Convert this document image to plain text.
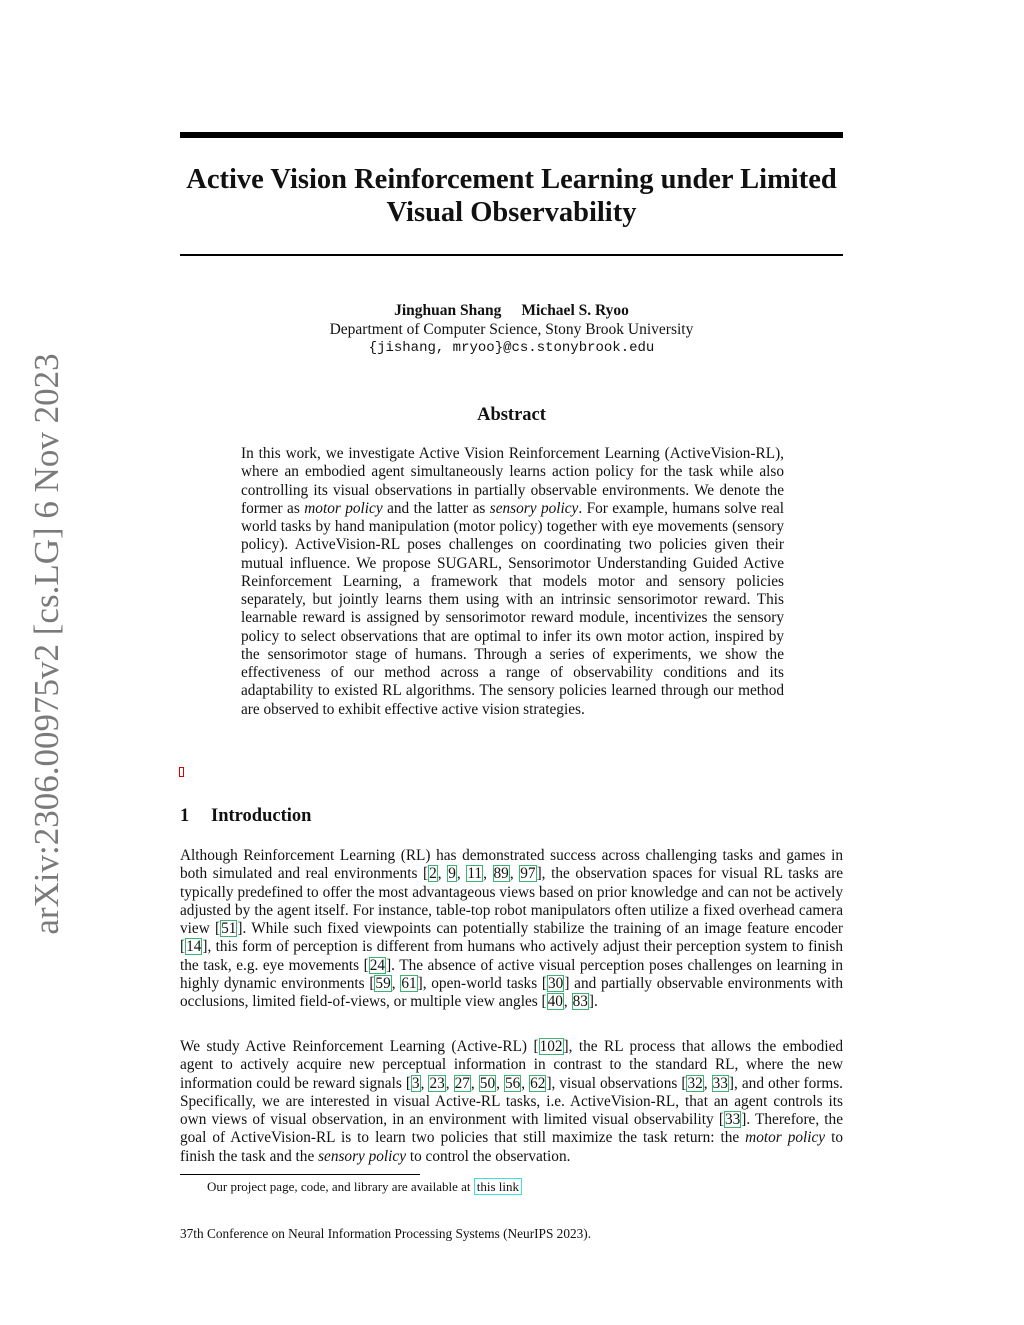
arXiv:2306.00975v2 [cs.LG] 6 Nov 2023
Active Vision Reinforcement Learning under Limited
Visual Observability
Jinghuan Shang Michael S. Ryoo
Department of Computer Science, Stony Brook University
{jishang, mryoo}@cs.stonybrook.edu
Abstract

In this work, we investigate Active Vision Reinforcement Learning (ActiveVision-RL), where an embodied agent simultaneously learns action policy for the task while also controlling its visual observations in partially observable environments. We denote the former as motor policy and the latter as sensory policy. For example, humans solve real world tasks by hand manipulation (motor policy) together with eye movements (sensory policy). ActiveVision-RL poses challenges on coordinating two policies given their mutual influence. We propose SUGARL, Sensorimotor Understanding Guided Active Reinforcement Learning, a framework that models motor and sensory policies separately, but jointly learns them using with an intrinsic sensorimotor reward. This learnable reward is assigned by sensorimotor reward module, incentivizes the sensory policy to select observations that are optimal to infer its own motor action, inspired by the sensorimotor stage of humans. Through a series of experiments, we show the effectiveness of our method across a range of observability conditions and its adaptability to existed RL algorithms. The sensory policies learned through our method are observed to exhibit effective active vision strategies.

1 Introduction

Although Reinforcement Learning (RL) has demonstrated success across challenging tasks and games in both simulated and real environments [2, 9, 11, 89, 97], the observation spaces for visual RL tasks are typically predefined to offer the most advantageous views based on prior knowledge and can not be actively adjusted by the agent itself. For instance, table-top robot manipulators often utilize a fixed overhead camera view [51]. While such fixed viewpoints can potentially stabilize the training of an image feature encoder [14], this form of perception is different from humans who actively adjust their perception system to finish the task, e.g. eye movements [24]. The absence of active visual perception poses challenges on learning in highly dynamic environments [59, 61], open-world tasks [30] and partially observable environments with occlusions, limited field-of-views, or multiple view angles [40, 83].

We study Active Reinforcement Learning (Active-RL) [102], the RL process that allows the embodied agent to actively acquire new perceptual information in contrast to the standard RL, where the new information could be reward signals [3, 23, 27, 50, 56, 62], visual observations [32, 33], and other forms. Specifically, we are interested in visual Active-RL tasks, i.e. ActiveVision-RL, that an agent controls its own views of visual observation, in an environment with limited visual observability [33]. Therefore, the goal of ActiveVision-RL is to learn two policies that still maximize the task return: the motor policy to finish the task and the sensory policy to control the observation.

Our project page, code, and library are available at this link
37th Conference on Neural Information Processing Systems (NeurIPS 2023).
